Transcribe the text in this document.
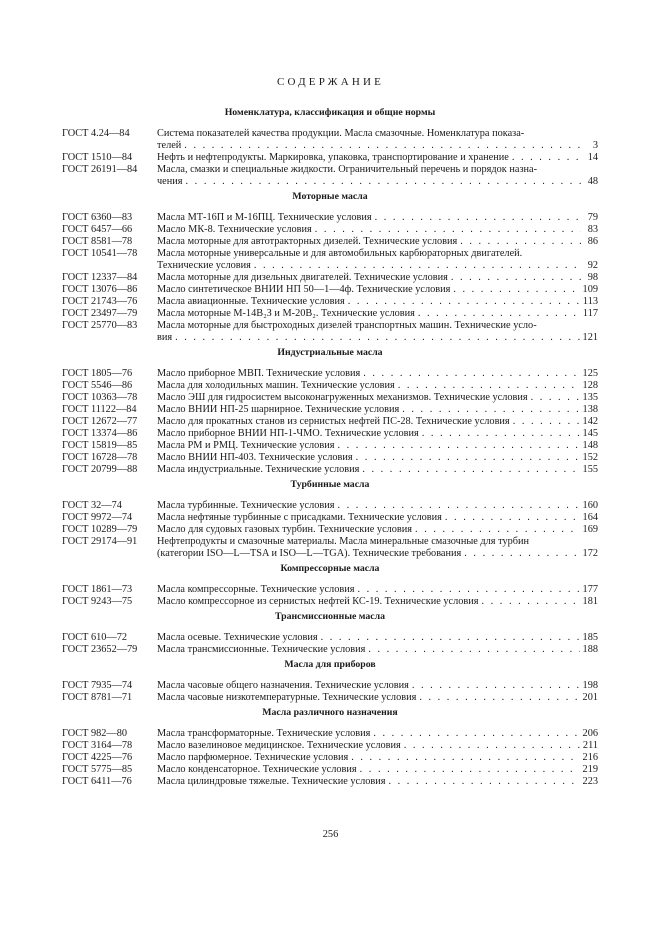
СОДЕРЖАНИЕ
Номенклатура, классификация и общие нормы
ГОСТ 4.24—84	Система показателей качества продукции. Масла смазочные. Номенклатура показа-
телей . . .	3
ГОСТ 1510—84	Нефть и нефтепродукты. Маркировка, упаковка, транспортирование и хранение . . .	14
ГОСТ 26191—84	Масла, смазки и специальные жидкости. Ограничительный перечень и порядок назна-
чения . . .	48
Моторные масла
ГОСТ 6360—83	Масла МТ-16П и М-16ПЦ. Технические условия . . .	79
ГОСТ 6457—66	Масло МК-8. Технические условия . . .	83
ГОСТ 8581—78	Масла моторные для автотракторных дизелей. Технические условия . . .	86
ГОСТ 10541—78	Масла моторные универсальные и для автомобильных карбюраторных двигателей.
Технические условия . . .	92
ГОСТ 12337—84	Масла моторные для дизельных двигателей. Технические условия . . .	98
ГОСТ 13076—86	Масло синтетическое ВНИИ НП 50—1—4ф. Технические условия . . .	109
ГОСТ 21743—76	Масла авиационные. Технические условия . . .	113
ГОСТ 23497—79	Масла моторные М-14В₂З и М-20В₂. Технические условия . . .	117
ГОСТ 25770—83	Масла моторные для быстроходных дизелей транспортных машин. Технические усло-
вия . . .	121
Индустриальные масла
ГОСТ 1805—76	Масло приборное МВП. Технические условия . . .	125
ГОСТ 5546—86	Масла для холодильных машин. Технические условия . . .	128
ГОСТ 10363—78	Масло ЭШ для гидросистем высоконагруженных механизмов. Технические условия . . .	135
ГОСТ 11122—84	Масло ВНИИ НП-25 шарнирное. Технические условия . . .	138
ГОСТ 12672—77	Масло для прокатных станов из сернистых нефтей ПС-28. Технические условия . . .	142
ГОСТ 13374—86	Масло приборное ВНИИ НП-1-ЧМО. Технические условия . . .	145
ГОСТ 15819—85	Масла РМ и РМЦ. Технические условия . . .	148
ГОСТ 16728—78	Масло ВНИИ НП-403. Технические условия . . .	152
ГОСТ 20799—88	Масла индустриальные. Технические условия . . .	155
Турбинные масла
ГОСТ 32—74	Масла турбинные. Технические условия . . .	160
ГОСТ 9972—74	Масла нефтяные турбинные с присадками. Технические условия . . .	164
ГОСТ 10289—79	Масло для судовых газовых турбин. Технические условия . . .	169
ГОСТ 29174—91	Нефтепродукты и смазочные материалы. Масла минеральные смазочные для турбин
(категории ISO—L—TSA и ISO—L—TGA). Технические требования . . .	172
Компрессорные масла
ГОСТ 1861—73	Масла компрессорные. Технические условия . . .	177
ГОСТ 9243—75	Масло компрессорное из сернистых нефтей КС-19. Технические условия . . .	181
Трансмиссионные масла
ГОСТ 610—72	Масла осевые. Технические условия . . .	185
ГОСТ 23652—79	Масла трансмиссионные. Технические условия . . .	188
Масла для приборов
ГОСТ 7935—74	Масла часовые общего назначения. Технические условия . . .	198
ГОСТ 8781—71	Масла часовые низкотемпературные. Технические условия . . .	201
Масла различного назначения
ГОСТ 982—80	Масла трансформаторные. Технические условия . . .	206
ГОСТ 3164—78	Масло вазелиновое медицинское. Технические условия . . .	211
ГОСТ 4225—76	Масло парфюмерное. Технические условия . . .	216
ГОСТ 5775—85	Масло конденсаторное. Технические условия . . .	219
ГОСТ 6411—76	Масла цилиндровые тяжелые. Технические условия . . .	223
256
